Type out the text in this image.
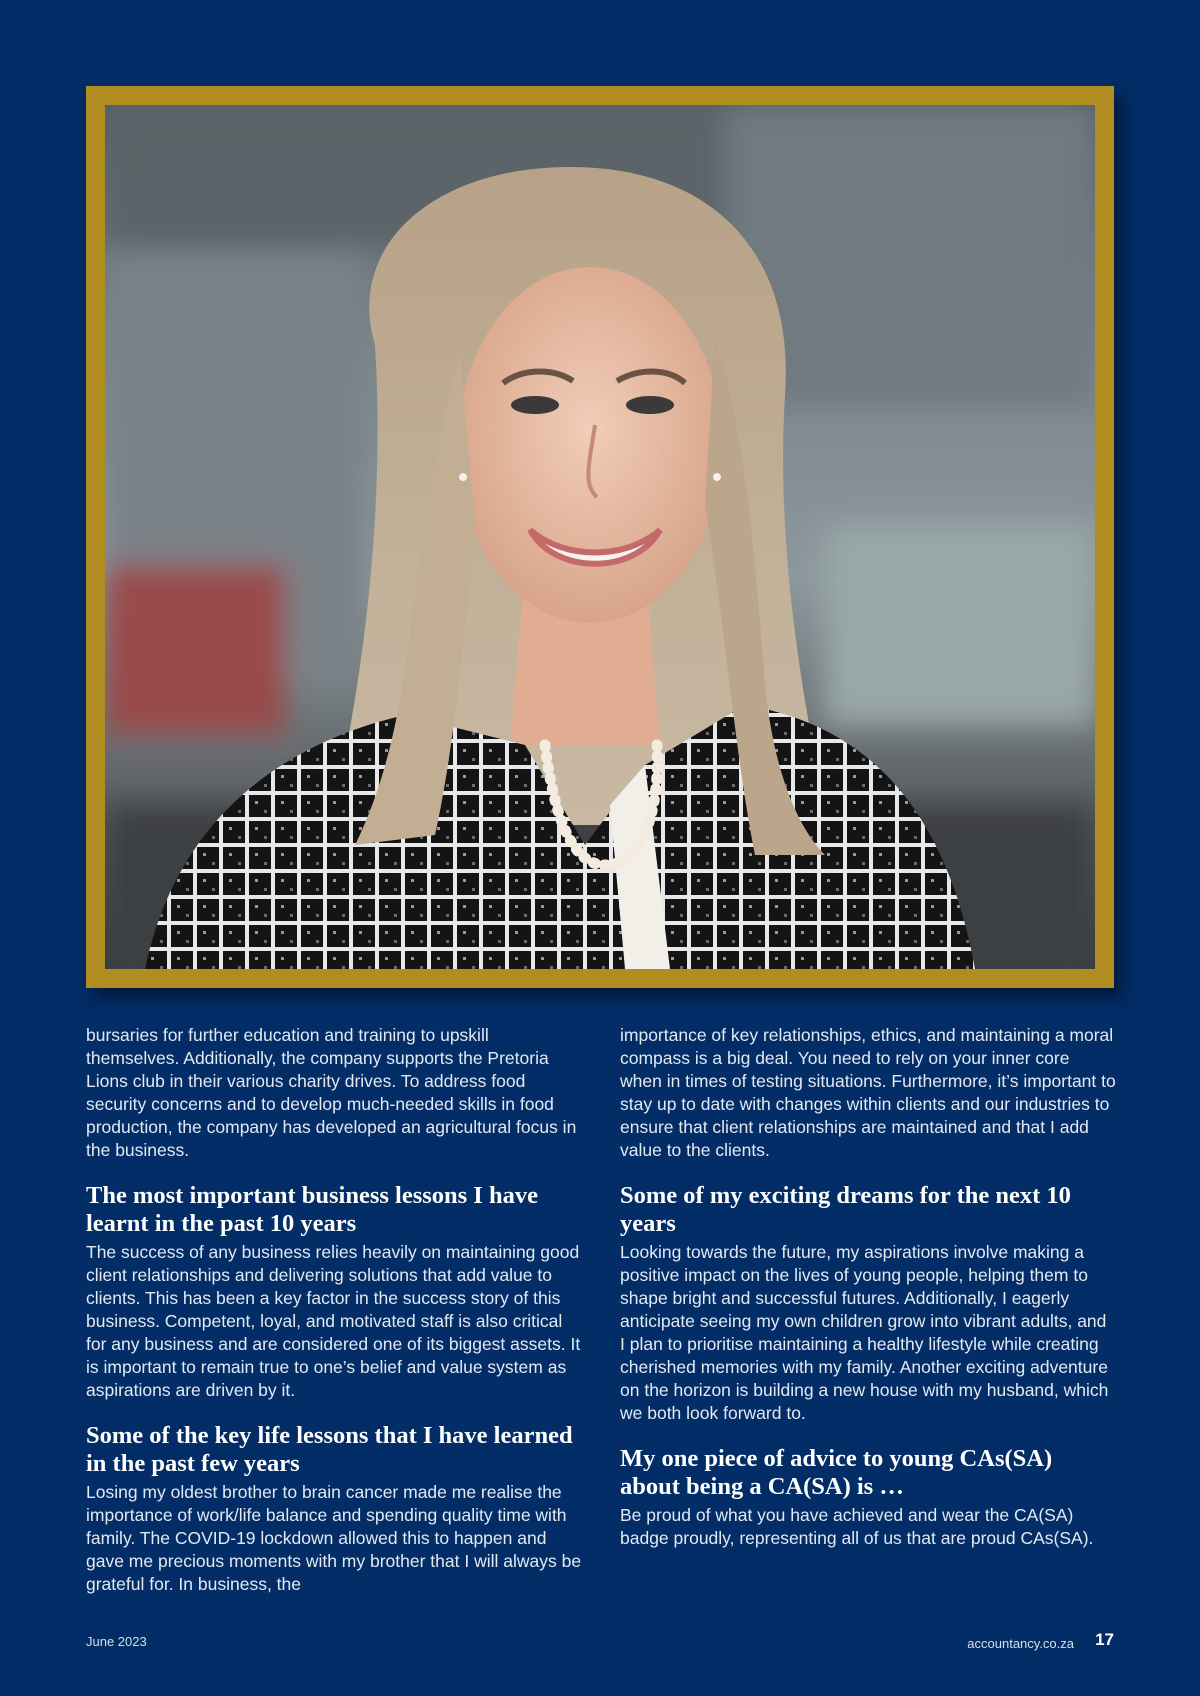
bursaries for further education and training to upskill themselves. Additionally, the company supports the Pretoria Lions club in their various charity drives. To address food security concerns and to develop much-needed skills in food production, the company has developed an agricultural focus in the business.

The most important business lessons I have learnt in the past 10 years

The success of any business relies heavily on maintaining good client relationships and delivering solutions that add value to clients. This has been a key factor in the success story of this business. Competent, loyal, and motivated staff is also critical for any business and are considered one of its biggest assets. It is important to remain true to one’s belief and value system as aspirations are driven by it.

Some of the key life lessons that I have learned in the past few years

Losing my oldest brother to brain cancer made me realise the importance of work/life balance and spending quality time with family. The COVID-19 lockdown allowed this to happen and gave me precious moments with my brother that I will always be grateful for. In business, the

importance of key relationships, ethics, and maintaining a moral compass is a big deal. You need to rely on your inner core when in times of testing situations. Furthermore, it’s important to stay up to date with changes within clients and our industries to ensure that client relationships are maintained and that I add value to the clients.

Some of my exciting dreams for the next 10 years

Looking towards the future, my aspirations involve making a positive impact on the lives of young people, helping them to shape bright and successful futures. Additionally, I eagerly anticipate seeing my own children grow into vibrant adults, and I plan to prioritise maintaining a healthy lifestyle while creating cherished memories with my family. Another exciting adventure on the horizon is building a new house with my husband, which we both look forward to.

My one piece of advice to young CAs(SA) about being a CA(SA) is …

Be proud of what you have achieved and wear the CA(SA) badge proudly, representing all of us that are proud CAs(SA).

June 2023	accountancy.co.za 17
